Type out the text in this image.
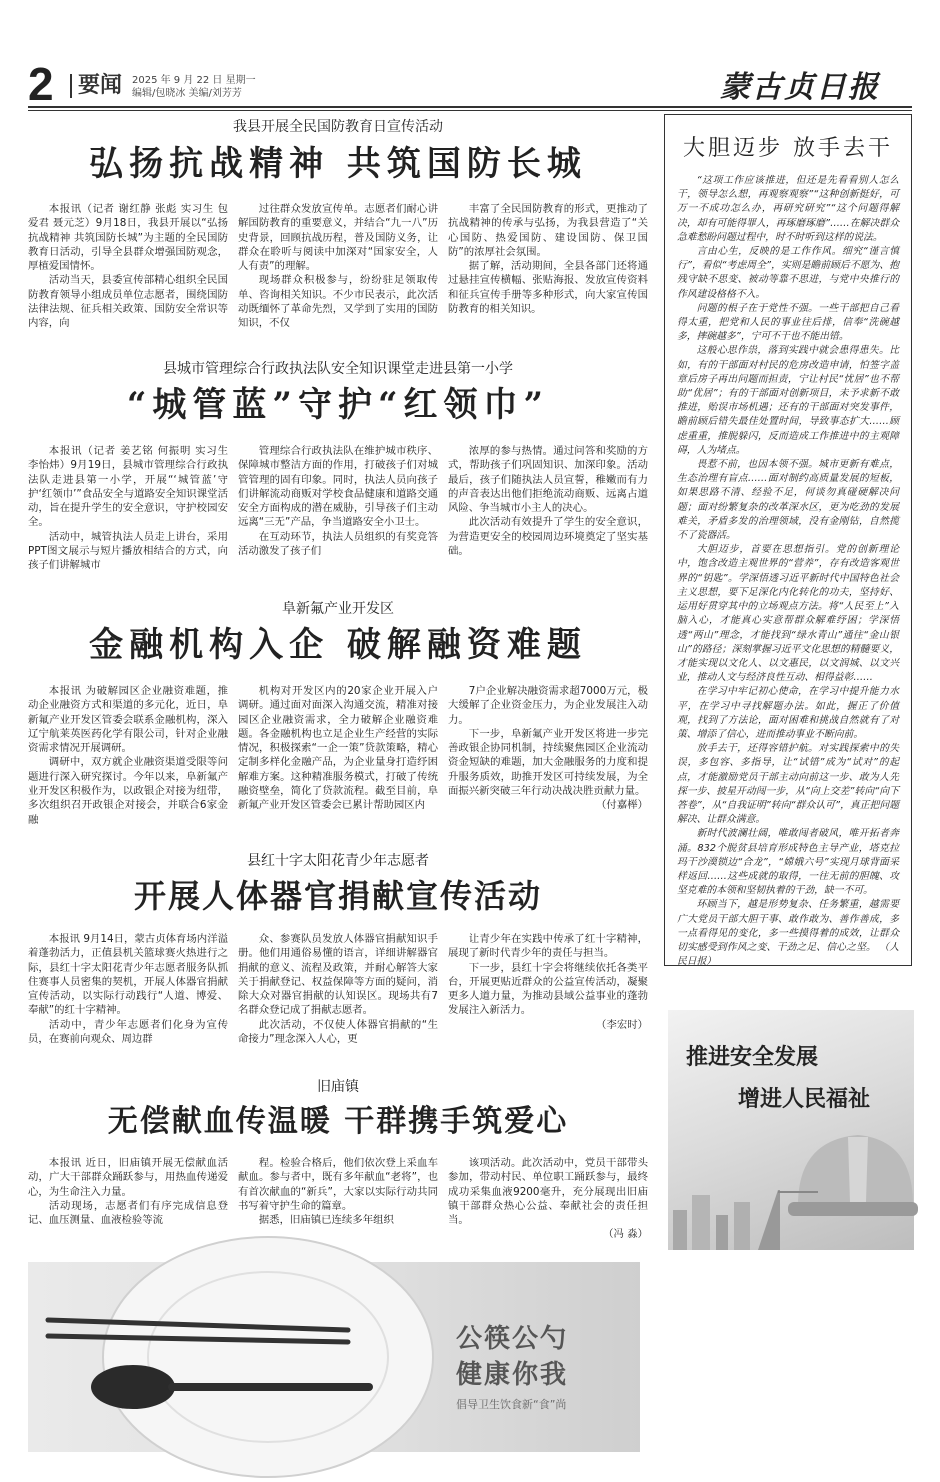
2	要闻 2025 年 9 月 22 日 星期一
编辑/包晓冰 美编/刘芳芳	蒙古贞日报
我县开展全民国防教育日宣传活动
弘扬抗战精神 共筑国防长城

本报讯（记者 谢红静 张彪 实习生 包爱君 聂元芝）9月18日，我县开展以“弘扬抗战精神 共筑国防长城”为主题的全民国防教育日活动，引导全县群众增强国防观念，厚植爱国情怀。

活动当天，县委宣传部精心组织全民国防教育领导小组成员单位志愿者，围绕国防法律法规、征兵相关政策、国防安全常识等内容，向

过往群众发放宣传单。志愿者们耐心讲解国防教育的重要意义，并结合“九一八”历史背景，回顾抗战历程，普及国防义务，让群众在聆听与阅读中加深对“国家安全，人人有责”的理解。

现场群众积极参与，纷纷驻足领取传单、咨询相关知识。不少市民表示，此次活动既缅怀了革命先烈，又学到了实用的国防知识，不仅

丰富了全民国防教育的形式，更推动了抗战精神的传承与弘扬，为我县营造了“关心国防、热爱国防、建设国防、保卫国防”的浓厚社会氛围。

据了解，活动期间，全县各部门还将通过悬挂宣传横幅、张贴海报、发放宣传资料和征兵宣传手册等多种形式，向大家宣传国防教育的相关知识。

县城市管理综合行政执法队安全知识课堂走进县第一小学
“城管蓝”守护“红领巾”

本报讯（记者 姜艺铭 何振明 实习生 李怡炜）9月19日，县城市管理综合行政执法队走进县第一小学，开展“‘城管蓝’守护‘红领巾’”食品安全与道路安全知识课堂活动，旨在提升学生的安全意识，守护校园安全。

活动中，城管执法人员走上讲台，采用PPT图文展示与短片播放相结合的方式，向孩子们讲解城市

管理综合行政执法队在维护城市秩序、保障城市整洁方面的作用，打破孩子们对城管管理的固有印象。同时，执法人员向孩子们讲解流动商贩对学校食品健康和道路交通安全方面构成的潜在威胁，引导孩子们主动远离“三无”产品，争当道路安全小卫士。

在互动环节，执法人员组织的有奖竞答活动激发了孩子们

浓厚的参与热情。通过问答和奖励的方式，帮助孩子们巩固知识、加深印象。活动最后，孩子们随执法人员宣誓，稚嫩而有力的声音表达出他们拒绝流动商贩、远离占道风险、争当城市小主人的决心。

此次活动有效提升了学生的安全意识，为营造更安全的校园周边环境奠定了坚实基础。

阜新氟产业开发区
金融机构入企 破解融资难题

本报讯 为破解园区企业融资难题，推动企业融资方式和渠道的多元化，近日，阜新氟产业开发区管委会联系金融机构，深入辽宁航莱英医药化学有限公司，针对企业融资需求情况开展调研。

调研中，双方就企业融资渠道受限等问题进行深入研究探讨。今年以来，阜新氟产业开发区积极作为，以政银企对接为纽带，多次组织召开政银企对接会，并联合6家金融

机构对开发区内的20家企业开展入户调研。通过面对面深入沟通交流，精准对接园区企业融资需求，全力破解企业融资难题。各金融机构也立足企业生产经营的实际情况，积极探索“一企一策”贷款策略，精心定制多样化金融产品，为企业量身打造纾困解难方案。这种精准服务模式，打破了传统融资壁垒，简化了贷款流程。截至目前，阜新氟产业开发区管委会已累计帮助园区内

7户企业解决融资需求超7000万元，极大缓解了企业资金压力，为企业发展注入动力。

下一步，阜新氟产业开发区将进一步完善政银企协同机制，持续聚焦园区企业流动资金短缺的难题，加大金融服务的力度和提升服务质效，助推开发区可持续发展，为全面振兴新突破三年行动决战决胜贡献力量。

（付嘉榉）
县红十字太阳花青少年志愿者
开展人体器官捐献宣传活动

本报讯 9月14日，蒙古贞体育场内洋溢着蓬勃活力，正值县机关篮球赛火热进行之际，县红十字太阳花青少年志愿者服务队抓住赛事人员密集的契机，开展人体器官捐献宣传活动，以实际行动践行“人道、博爱、奉献”的红十字精神。

活动中，青少年志愿者们化身为宣传员，在赛前向观众、周边群

众、参赛队员发放人体器官捐献知识手册。他们用通俗易懂的语言，详细讲解器官捐献的意义、流程及政策，并耐心解答大家关于捐献登记、权益保障等方面的疑问，消除大众对器官捐献的认知误区。现场共有7名群众登记成了捐献志愿者。

此次活动，不仅使人体器官捐献的“生命接力”理念深入人心，更

让青少年在实践中传承了红十字精神，展现了新时代青少年的责任与担当。

下一步，县红十字会将继续依托各类平台，开展更贴近群众的公益宣传活动，凝聚更多人道力量，为推动县域公益事业的蓬勃发展注入新活力。

（李宏时）
旧庙镇
无偿献血传温暖 干群携手筑爱心

本报讯 近日，旧庙镇开展无偿献血活动，广大干部群众踊跃参与，用热血传递爱心，为生命注入力量。

活动现场，志愿者们有序完成信息登记、血压测量、血液检验等流

程。检验合格后，他们依次登上采血车献血。参与者中，既有多年献血“老将”，也有首次献血的“新兵”，大家以实际行动共同书写着守护生命的篇章。

据悉，旧庙镇已连续多年组织

该项活动。此次活动中，党员干部带头参加，带动村民、单位职工踊跃参与，最终成功采集血液9200毫升，充分展现出旧庙镇干部群众热心公益、奉献社会的责任担当。

（冯 淼）
大胆迈步 放手去干

“这项工作应该推进，但还是先看看别人怎么干，领导怎么想，再观察观察”“这种创新挺好，可万一不成功怎么办，再研究研究”“这个问题得解决，却有可能得罪人，再琢磨琢磨”……在解决群众急难愁盼问题过程中，时不时听到这样的说法。

言由心生，反映的是工作作风。细究“谨言慎行”，看似“考虑周全”，实则是瞻前顾后不愿为、抱残守缺不思变、被动等靠不思进，与党中央推行的作风建设格格不入。

问题的根子在于党性不强。一些干部把自己看得太重，把党和人民的事业往后排，信奉“洗碗越多，摔碗越多”，宁可不干也不能出错。

这般心思作祟，落到实践中就会患得患失。比如，有的干部面对村民的危房改造申请，怕签字盖章后房子再出问题而担责，宁让村民“忧居”也不帮助“优居”；有的干部面对创新项目，未予求新不敢推进，贻误市场机遇；还有的干部面对突发事件，瞻前顾后错失最佳处置时间，导致事态扩大……顾虑重重，推脱躲闪，反而造成工作推进中的主观障碍，人为堵点。

畏惹不前，也因本领不强。城市更新有难点，生态治理有盲点……面对制约高质量发展的短板，如果思路不清、经验不足，何谈勿真碰硬解决问题；面对纷繁复杂的改革深水区，更为吃劲的发展难关，矛盾多发的治理领域，没有金刚钻，自然揽不了瓷器活。

大胆迈步，首要在思想指引。党的创新理论中，饱含改造主观世界的“营养”，存有改造客观世界的“钥匙”。学深悟透习近平新时代中国特色社会主义思想，要下足深化内化转化的功夫，坚持好、运用好贯穿其中的立场观点方法。将“人民至上”入脑入心，才能真心实意帮群众解难纾困；学深悟透“两山”理念，才能找到“绿水青山”通往“金山银山”的路径；深刻掌握习近平文化思想的精髓要义，才能实现以文化人、以文惠民，以文润城、以文兴业，推动人文与经济良性互动、相得益彰……

在学习中牢记初心使命，在学习中提升能力水平，在学习中寻找解题办法。如此，握正了价值观，找到了方法论，面对困难和挑战自然就有了对策、增添了信心，进而推动事业不断向前。

放手去干，还得容错护航。对实践探索中的失误，多包容、多指导，让“试错”成为“试对”的起点，才能激励党员干部主动向前这一步、敢为人先探一步、披星开动闯一步，从“向上交差”转向“向下答卷”，从“自我证明”转向“群众认可”，真正把问题解决、让群众满意。

新时代波澜壮阔，唯敢闯者破风，唯开拓者奔涌。832个脱贫县培育形成特色主导产业，塔克拉玛干沙漠锁边“合龙”，“嫦娥六号”实现月球背面采样返回……这些成就的取得，一往无前的胆魄、攻坚克难的本领和坚韧执着的干劲，缺一不可。

环顾当下，越是形势复杂、任务繁重，越需要广大党员干部大胆干事、敢作敢为、善作善成，多一点看得见的变化，多一些摸得着的成效，让群众切实感受到作风之变、干劲之足、信心之坚。 （人民日报）

推进安全发展
增进人民福祉
公筷公勺
健康你我
倡导卫生饮食新“食”尚
